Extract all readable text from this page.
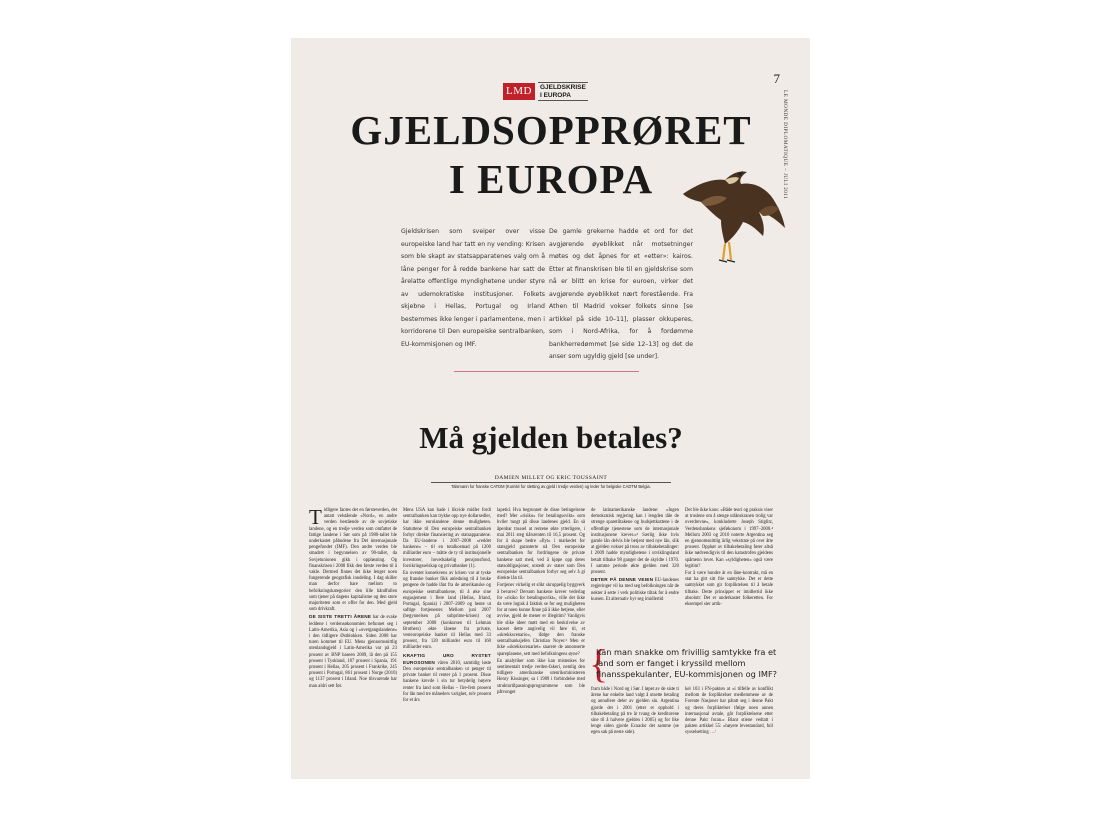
LMD	GJELDSKRISE
I EUROPA
7
LE MONDE DIPLOMATIQUE – JULI 2011
GJELDSOPPRØRET
I EUROPA

Gjeldskrisen som sveiper over visse europeiske land har tatt en ny vending: Krisen som ble skapt av statsapparatenes valg om å låne penger for å redde bankene har satt de årelatte offentlige myndighetene under styre av udemokratiske institusjoner. Folkets skjebne i Hellas, Portugal og Irland bestemmes ikke lenger i parlamentene, men i korridorene til Den europeiske sentralbanken, EU-kommisjonen og IMF.

De gamle grekerne hadde et ord for det avgjørende øyeblikket når motsetninger møtes og det åpnes for et «etter»: kairos. Etter at finanskrisen ble til en gjeldskrise som nå er blitt en krise for euroen, virker det avgjørende øyeblikket nært forestående. Fra Athen til Madrid vokser folkets sinne [se artikkel på side 10–11], plasser okkuperes, som i Nord-Afrika, for å fordømme bankherredømmet [se side 12–13] og det de anser som ugyldig gjeld [se under].

Må gjelden betales?
DAMIEN MILLET OG ERIC TOUSSAINT
Talsmann for franske CATDM (Komité for sletting av gjeld i tredje verden) og leder for belgiske CADTM Belgia.

Tidligere fantes det en førsteverden, det antatt velstående «Nord», en andre verden bestående av de sovjetiske landene, og en tredje verden som omfattet de fattige landene i Sør som på 1980-tallet ble underkastet påbudene fra Det internasjonale pengefondet (IMF). Den andre verden ble smadret i begynnelsen av 90-tallet, da Sovjetunionen gikk i oppløsning. Og finanskrisen i 2008 fikk den første verden til å vakle. Dermed finnes det ikke lenger noen fungerende geografisk inndeling. I dag skiller man derfor bare mellom to befolkningskategorier: den lille håndfullen som tjener på dagens kapitalisme og den store majoriteten som er offer for den. Med gjeld som drivkraft.

DE SISTE TRETTI ÅRENE har de svake leddene i verdensøkonomien befunnet seg i Latin-Amerika, Asia og i «overgangslandene» i den tidligere Østblokken. Siden 2008 har turen kommet til EU. Mens gjennomsnittlig utenlandsgjeld i Latin-Amerika var på 23 prosent av BNP baseen 2009, lå den på 155 prosent i Tyskland, 187 prosent i Spania, 191 prosent i Hellas, 205 prosent i Frankrike, 245 prosent i Portugal, 861 prosent i Norge (2010) og 1137 prosent i Irland. Noe tilsvarende har man aldri sett før.

Mens USA kan bade i likvide midler fordi sentralbanken kan trykke opp nye dollarsedler, har ikke eurolandene denne muligheten. Statuttene til Den europeiske sentralbanken forbyr direkte finansiering av statsapparatene. Da EU-landene i 2007–2008 «reddet bankene» – til en totalkostnad på 1200 milliarder euro – måtte de ty til institusjonelle investorer, hovedsakelig pensjonsfond, forsikringsselskap og privatbanker (1).

En uventet konsekvens av krisen var at tyske og franske banker fikk anledning til å bruke pengene de hadde lånt fra de amerikanske og europeiske sentralbankene, til å øke sine engasjement i flere land (Hellas, Irland, Portugal, Spania) i 2007–2009 og hente ut saftige fortjenester. Mellom juni 2007 (begynnelsen på subprime-krisen) og september 2008 (konkursen til Lehman Brothers) økte lånene fra private, vesteuropeiske banker til Hellas med 33 prosent, fra 120 milliarder euro til 160 milliarder euro.

KRAFTIG URO RYSTET EUROSONEN våren 2010, samtidig løste Den europeiske sentralbanken ut penger til private banker til renter på 1 prosent. Disse bankene krevde i sin tur betydelig høyere renter fra land som Hellas – fire-fem prosent for lån med tre måneders varighet, tolv prosent for et års

lapetid. Hva begrunnet de disse betingelsene med? Mer «risiko» for betalingssvikt» som hviler tungt på disse landenes gjeld. En så åpenbar trussel at rentene økte ytterligere, i mai 2011 steg tiårsrenten til 16,5 prosent. Og for å skape bedre «flyt» i markedet for statsgjeld garanterte nå Den europeiske sentralbanken for fordringene de private bankene satt med, ved å kjøpe opp deres statsobligasjoner, utstedt av stater som Den europeiske sentralbanken forbyr seg selv å gi direkte lån til.

Fortjener virkelig et slikt skruppelig byggverk å bevares? Dersom bankene krever vederlag for «risiko for betalingssvikt», ville det ikke da være logisk å faktisk se for seg muligheten for at noen kunne finne på å ikke betjene, eller avvise, gjeld de mener er illegitim? Vanligvis ble slike ideer møtt med en beskrivelse av kaoset dette angivelig vil føre til, et «skrekkscenario», ifølge den franske sentralbanksjefen Christian Noyer.² Men er ikke «skrekkscenariet» snarere de annonserte spareplanene, sett med befolkningens øyne?

En analytiker som ikke kan mistenkes for sentimentalt tredje verden-fakeri, nemlig den tidligere amerikanske utenriksministeren Henry Kissinger, sa i 1989 i forbindelse med strukturtilpasningsprogrammene som ble påtvunget

de latinamerikanske landene: «Ingen demokratisk regjering kan i lengden tåle de strenge sparetiltakene og budsjettkuttene i de offentlige tjenestene som de internasjonale institusjonene krever.»³ Særlig ikke hvis gamle lån delvis ble betjent med nye lån, slik at gjelden vokser på tross av tilbakebetalinger: I 2009 hadde myndighetene i utviklingsland betalt tilbake 98 ganger det de skyldte i 1970. I samme periode økte gjelden med 320 prosent.

DETER PÅ DENNE VEIEN EU-landenes regjeringer vil ha med seg befolkningen når de nekter å sette i verk politiske tiltak for å endre kursen. Et alternativ byr seg imidlertid

Det ble ikke kaos: «Både teori og praksis viser at truslene om å stenge utlånskranen trolig var overdrevne», konkluderte Joseph Stiglitz, Verdensbankens sjeføkonom i 1997–2000.⁴ Mellom 2003 og 2010 noterte Argentina seg en gjennomsnittlig årlig vekstrate på over åtte prosent. Opphør av tilbakebetaling fører altså ikke nødvendigvis til den katastrofen gjeldens spåmenn lover. Kan «syldigheten» også være legitim?

For å være hundre år en låne-kontrakt, må en stat ha gitt sitt frie samtykke. Det er dette samtykket som gir forpliktelsen til å betale tilbake. Dette prinsippet er imidlertid ikke absolutt: Det er underkastet folkeretten. For eksempel sier artik-

{
Kan man snakke om frivillig samtykke fra et land som er fanget i kryssild mellom finansspekulanter, EU-kommisjonen og IMF?

fram både i Nord og i Sør. I løpet av de siste ti årene har enkelte land valgt å utsette betaling og annullere deler av gjelden sin. Argentina gjorde det i 2001 (etter et opphold i tilbakebetaling på tre år tvang de kreditorene sine til å halvere gjelden i 2005) og for like lenge siden gjorde Ecuador det samme (se egen sak på neste side).

kel 103 i FN-pakten at «i tilfelle av konflikt mellom de forpliktelser medlemmene av de Forente Nasjoner har påtatt seg i denne Pakt og deres forpliktelser ifølge noen annen internasjonal avtale, går forpliktelsene etter denne Pakt foran.» Blant stiene vedtatt i pakten artikkel 55: «høyere levestandard, full sysselsetting …/
